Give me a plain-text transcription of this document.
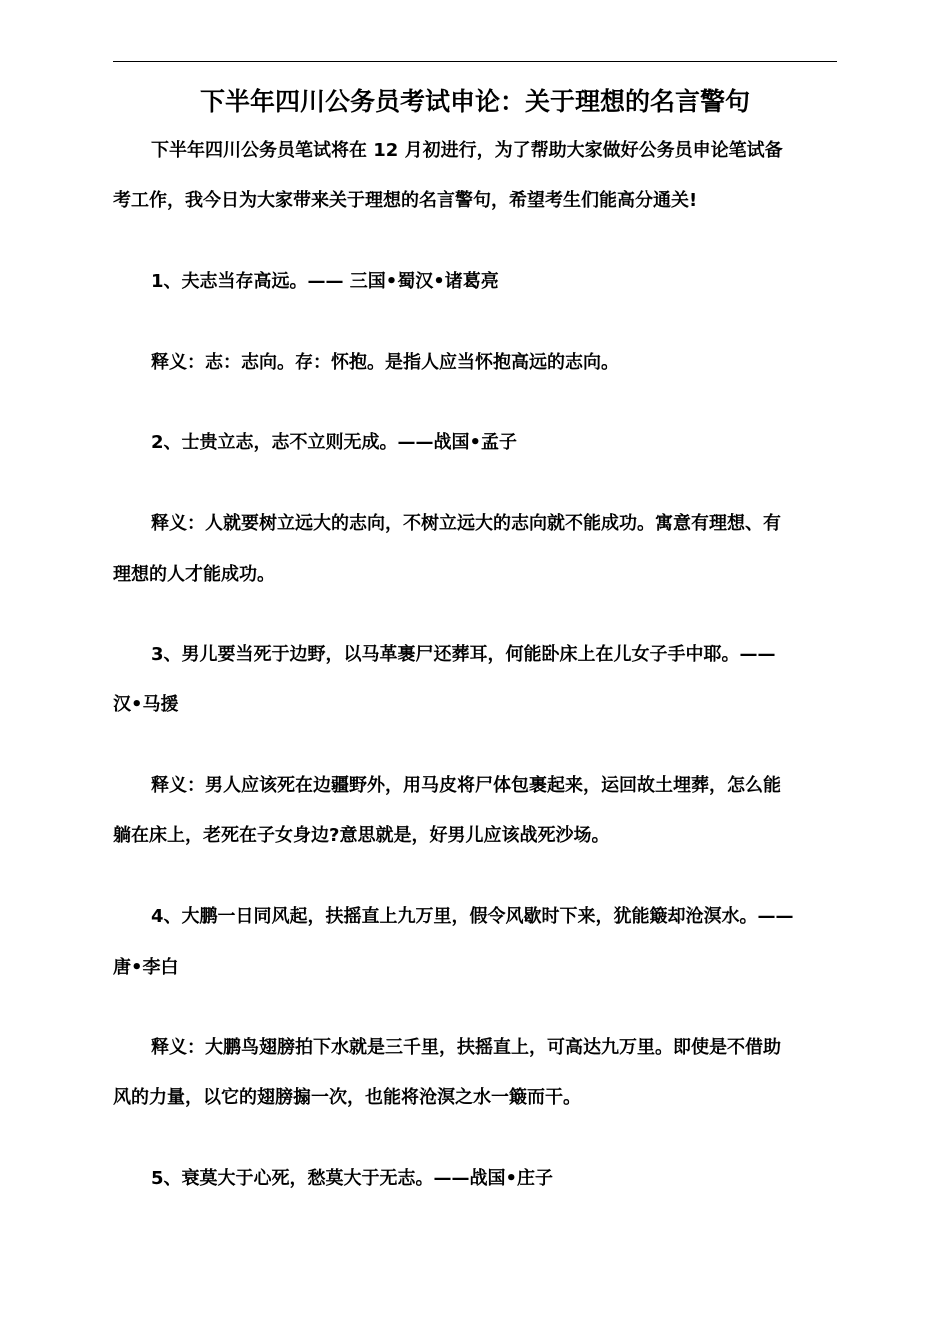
下半年四川公务员考试申论：关于理想的名言警句
下半年四川公务员笔试将在 12 月初进行，为了帮助大家做好公务员申论笔试备
考工作，我今日为大家带来关于理想的名言警句，希望考生们能高分通关!
1、夫志当存高远。—— 三国•蜀汉•诸葛亮
释义：志：志向。存：怀抱。是指人应当怀抱高远的志向。
2、士贵立志，志不立则无成。——战国•孟子
释义：人就要树立远大的志向，不树立远大的志向就不能成功。寓意有理想、有
理想的人才能成功。
3、男儿要当死于边野，以马革裹尸还葬耳，何能卧床上在儿女子手中耶。——
汉•马援
释义：男人应该死在边疆野外，用马皮将尸体包裹起来，运回故土埋葬，怎么能
躺在床上，老死在子女身边?意思就是，好男儿应该战死沙场。
4、大鹏一日同风起，扶摇直上九万里，假令风歇时下来，犹能簸却沧溟水。——
唐•李白
释义：大鹏鸟翅膀拍下水就是三千里，扶摇直上，可高达九万里。即使是不借助
风的力量，以它的翅膀搧一次，也能将沧溟之水一簸而干。
5、衰莫大于心死，愁莫大于无志。——战国•庄子
